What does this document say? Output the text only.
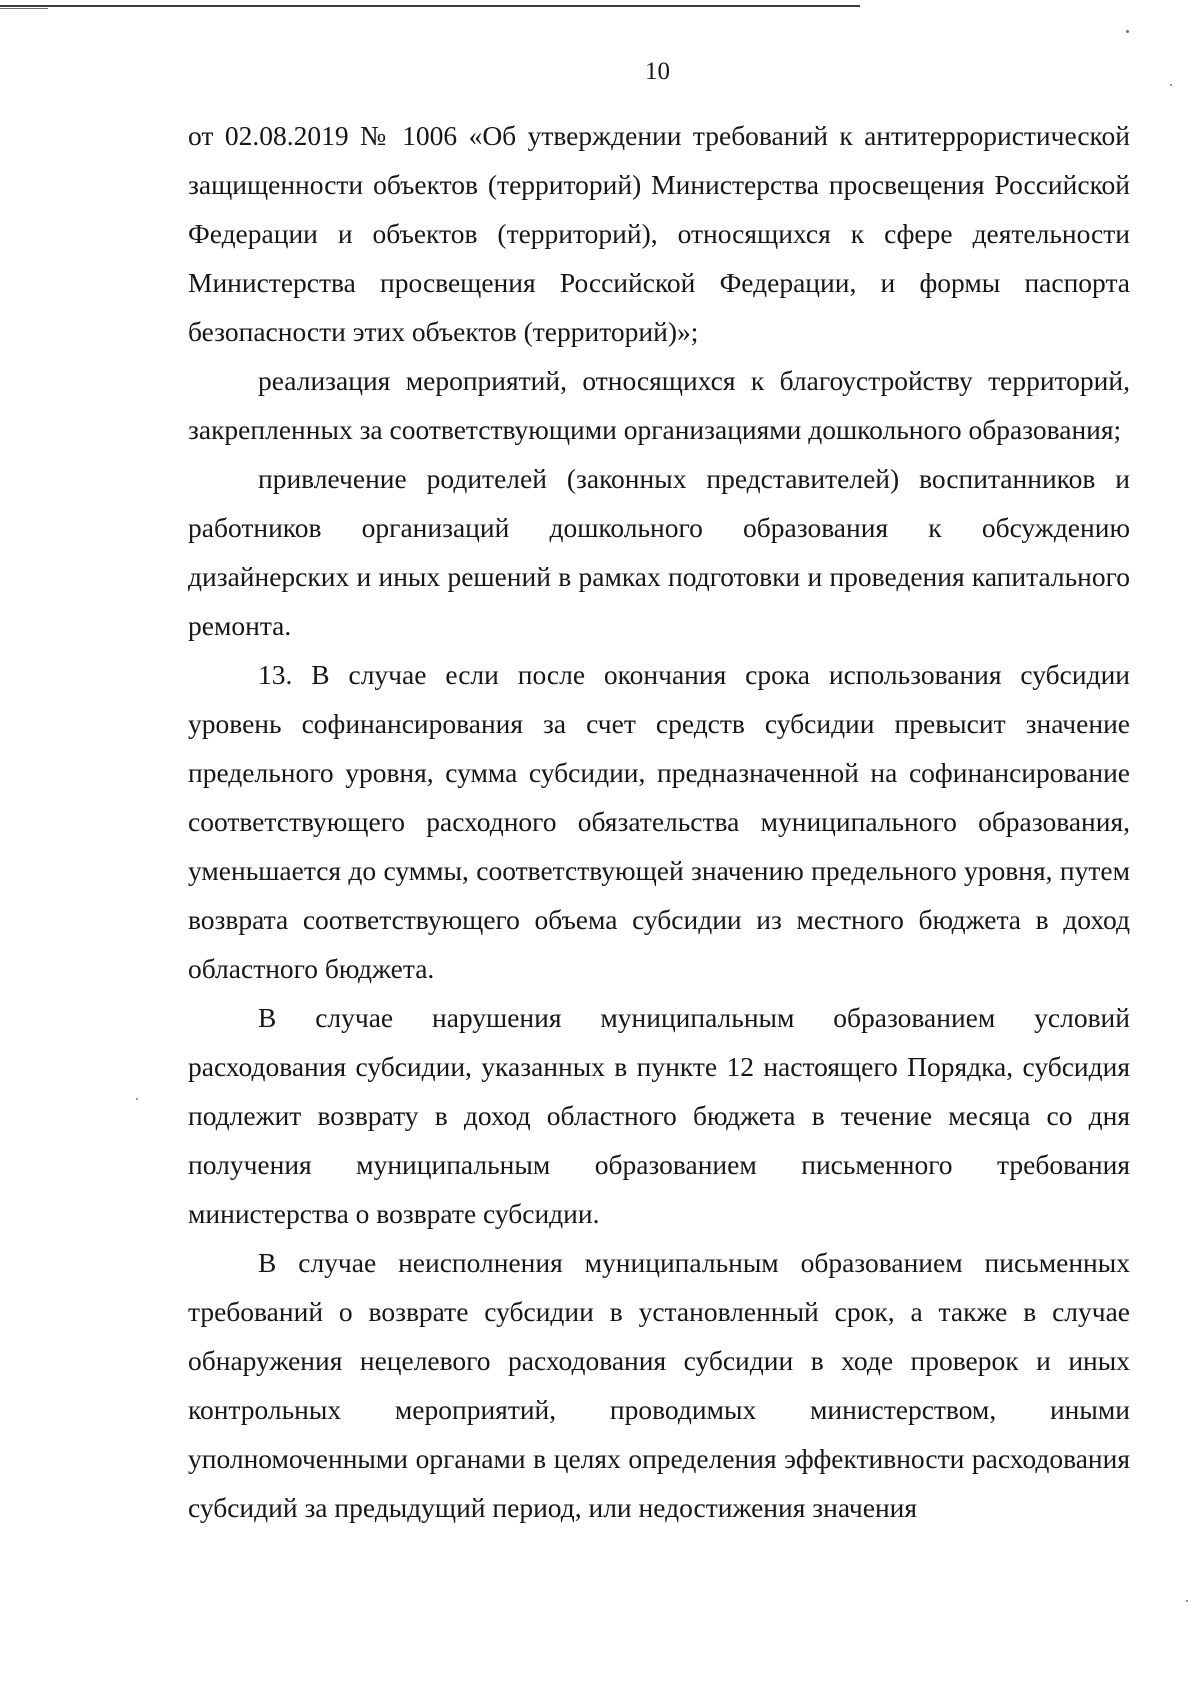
10

от 02.08.2019 № 1006 «Об утверждении требований к антитеррористической защищенности объектов (территорий) Министерства просвещения Российской Федерации и объектов (территорий), относящихся к сфере деятельности Министерства просвещения Российской Федерации, и формы паспорта безопасности этих объектов (территорий)»;

реализация мероприятий, относящихся к благоустройству территорий, закрепленных за соответствующими организациями дошкольного образования;

привлечение родителей (законных представителей) воспитанников и работников организаций дошкольного образования к обсуждению дизайнерских и иных решений в рамках подготовки и проведения капитального ремонта.

13. В случае если после окончания срока использования субсидии уровень софинансирования за счет средств субсидии превысит значение предельного уровня, сумма субсидии, предназначенной на софинансирование соответствующего расходного обязательства муниципального образования, уменьшается до суммы, соответствующей значению предельного уровня, путем возврата соответствующего объема субсидии из местного бюджета в доход областного бюджета.

В случае нарушения муниципальным образованием условий расходования субсидии, указанных в пункте 12 настоящего Порядка, субсидия подлежит возврату в доход областного бюджета в течение месяца со дня получения муниципальным образованием письменного требования министерства о возврате субсидии.

В случае неисполнения муниципальным образованием письменных требований о возврате субсидии в установленный срок, а также в случае обнаружения нецелевого расходования субсидии в ходе проверок и иных контрольных мероприятий, проводимых министерством, иными уполномоченными органами в целях определения эффективности расходования субсидий за предыдущий период, или недостижения значения
